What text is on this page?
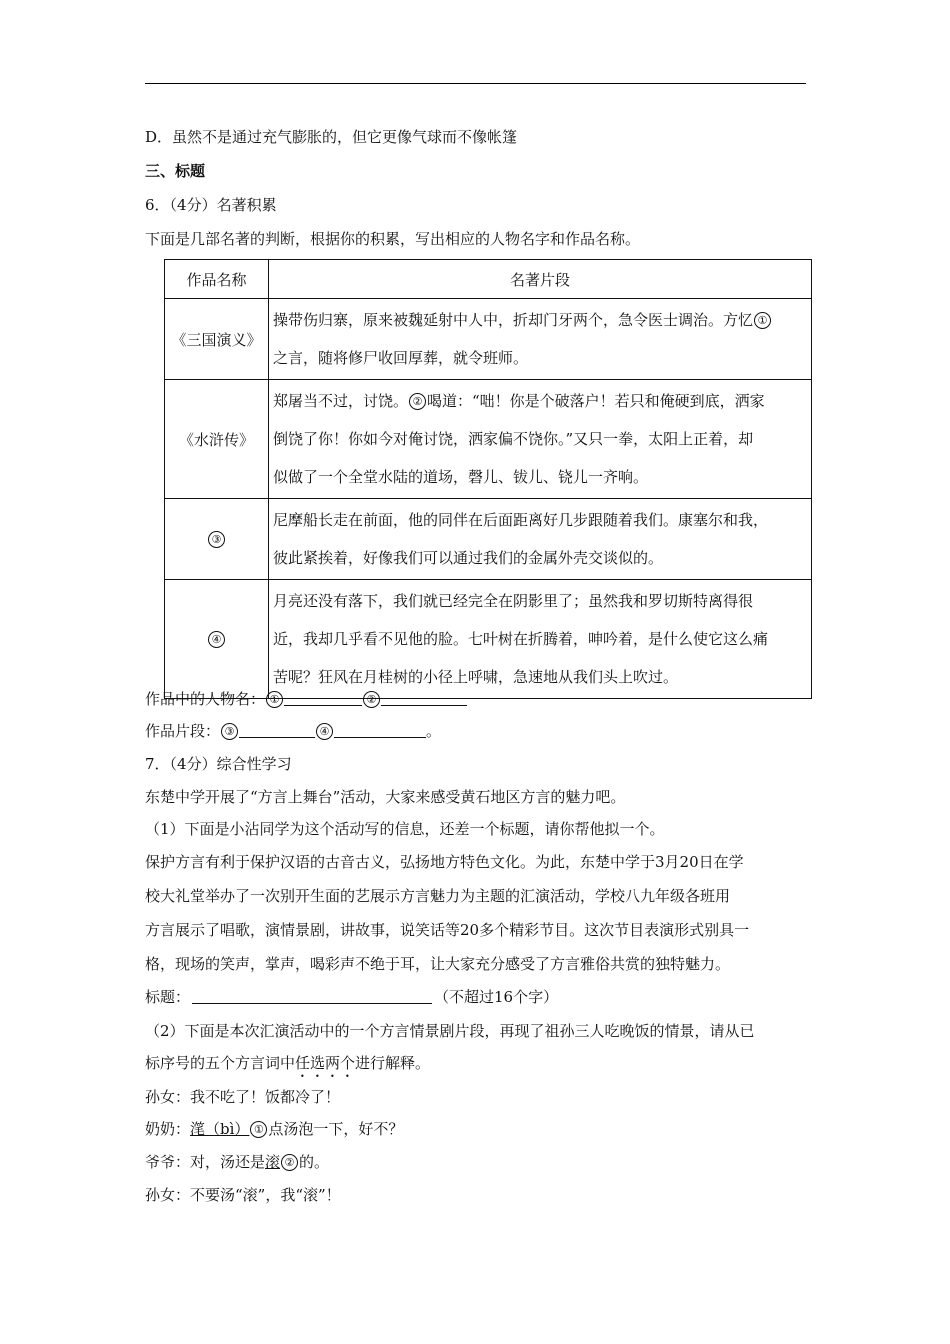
D．虽然不是通过充气膨胀的，但它更像气球而不像帐篷
三、标题
6．（4分）名著积累
下面是几部名著的判断，根据你的积累，写出相应的人物名字和作品名称。
作品名称	名著片段
《三国演义》	操带伤归寨，原来被魏延射中人中，折却门牙两个，急令医士调治。方忆 ①
之言，随将修尸收回厚葬，就令班师。

《水浒传》	郑屠当不过，讨饶。 ② 喝道：“咄！你是个破落户！若只和俺硬到底，洒家
倒饶了你！你如今对俺讨饶，洒家偏不饶你。”又只一拳，太阳上正着，却
似做了一个全堂水陆的道场，磬儿、钹儿、铙儿一齐响。

③	尼摩船长走在前面，他的同伴在后面距离好几步跟随着我们。康塞尔和我，
彼此紧挨着，好像我们可以通过我们的金属外壳交谈似的。

④	月亮还没有落下，我们就已经完全在阴影里了；虽然我和罗切斯特离得很
近，我却几乎看不见他的脸。七叶树在折腾着，呻吟着，是什么使它这么痛
苦呢？狂风在月桂树的小径上呼啸，急速地从我们头上吹过。
作品中的人物名： ①	②
作品片段： ③	④	。
7．（4分）综合性学习
东楚中学开展了“方言上舞台”活动，大家来感受黄石地区方言的魅力吧。
（1）下面是小沾同学为这个活动写的信息，还差一个标题，请你帮他拟一个。
保护方言有利于保护汉语的古音古义，弘扬地方特色文化。为此，东楚中学于3月20日在学
校大礼堂举办了一次别开生面的艺展示方言魅力为主题的汇演活动，学校八九年级各班用
方言展示了唱歌，演情景剧，讲故事，说笑话等20多个精彩节目。这次节目表演形式别具一
格，现场的笑声，掌声，喝彩声不绝于耳，让大家充分感受了方言雅俗共赏的独特魅力。
标题：	（不超过16个字）
（2）下面是本次汇演活动中的一个方言情景剧片段，再现了祖孙三人吃晚饭的情景，请从已
标序号的五个方言词中任选两个进行解释。
孙女：我不吃了！饭都冷了！
奶奶：滗（bì） ① 点汤泡一下，好不？
爷爷：对，汤还是滚 ② 的。
孙女：不要汤“滚”，我“滚”！
